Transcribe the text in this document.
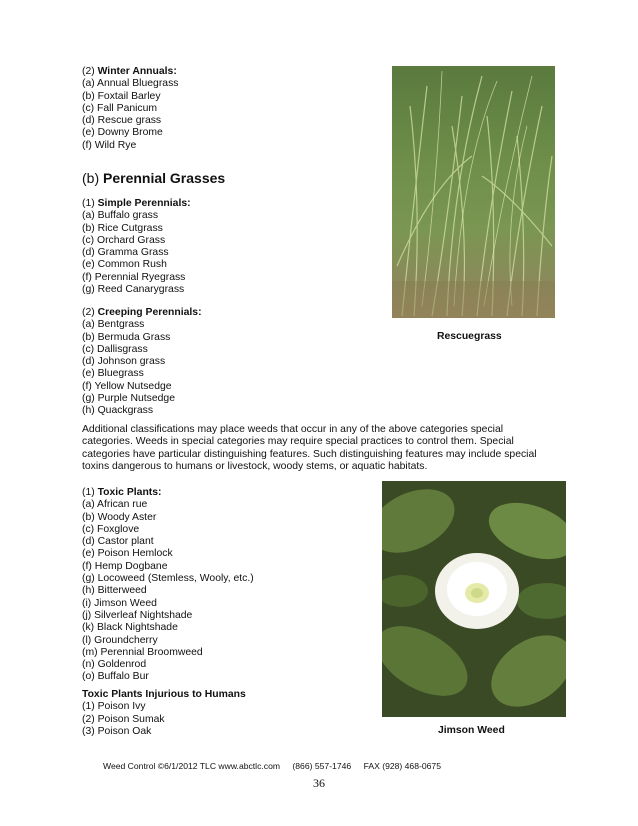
(2) Winter Annuals:
(a) Annual Bluegrass
(b) Foxtail Barley
(c) Fall Panicum
(d) Rescue grass
(e) Downy Brome
(f) Wild Rye
(b) Perennial Grasses
(1) Simple Perennials:
(a) Buffalo grass
(b) Rice Cutgrass
(c) Orchard Grass
(d) Gramma Grass
(e) Common Rush
(f) Perennial Ryegrass
(g) Reed Canarygrass
(2) Creeping Perennials:
(a) Bentgrass
(b) Bermuda Grass
(c) Dallisgrass
(d) Johnson grass
(e) Bluegrass
(f) Yellow Nutsedge
(g) Purple Nutsedge
(h) Quackgrass
Additional classifications may place weeds that occur in any of the above categories special
categories. Weeds in special categories may require special practices to control them. Special
categories have particular distinguishing features. Such distinguishing features may include special
toxins dangerous to humans or livestock, woody stems, or aquatic habitats.
(1) Toxic Plants:
(a) African rue
(b) Woody Aster
(c) Foxglove
(d) Castor plant
(e) Poison Hemlock
(f) Hemp Dogbane
(g) Locoweed (Stemless, Wooly, etc.)
(h) Bitterweed
(i) Jimson Weed
(j) Silverleaf Nightshade
(k) Black Nightshade
(l) Groundcherry
(m) Perennial Broomweed
(n) Goldenrod
(o) Buffalo Bur
Toxic Plants Injurious to Humans
(1) Poison Ivy
(2) Poison Sumak
(3) Poison Oak
Rescuegrass
Jimson Weed
Weed Control ©6/1/2012 TLC www.abctlc.com (866) 557-1746 FAX (928) 468-0675
36
